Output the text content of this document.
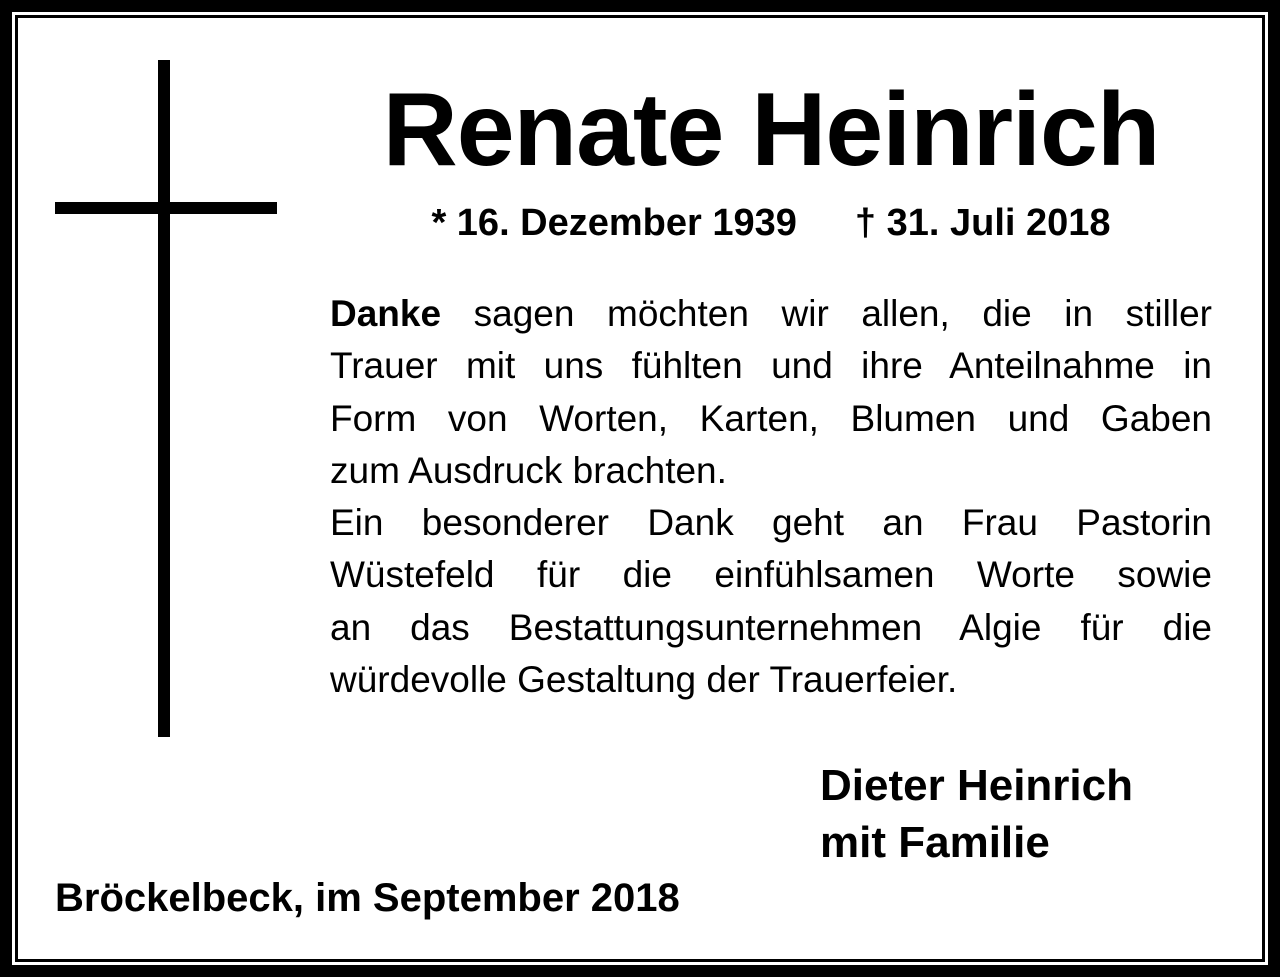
Renate Heinrich
* 16. Dezember 1939 † 31. Juli 2018
Danke sagen möchten wir allen, die in stiller
Trauer mit uns fühlten und ihre Anteilnahme in
Form von Worten, Karten, Blumen und Gaben
zum Ausdruck brachten.
Ein besonderer Dank geht an Frau Pastorin
Wüstefeld für die einfühlsamen Worte sowie
an das Bestattungsunternehmen Algie für die
würdevolle Gestaltung der Trauerfeier.
Dieter Heinrich
mit Familie
Bröckelbeck, im September 2018
